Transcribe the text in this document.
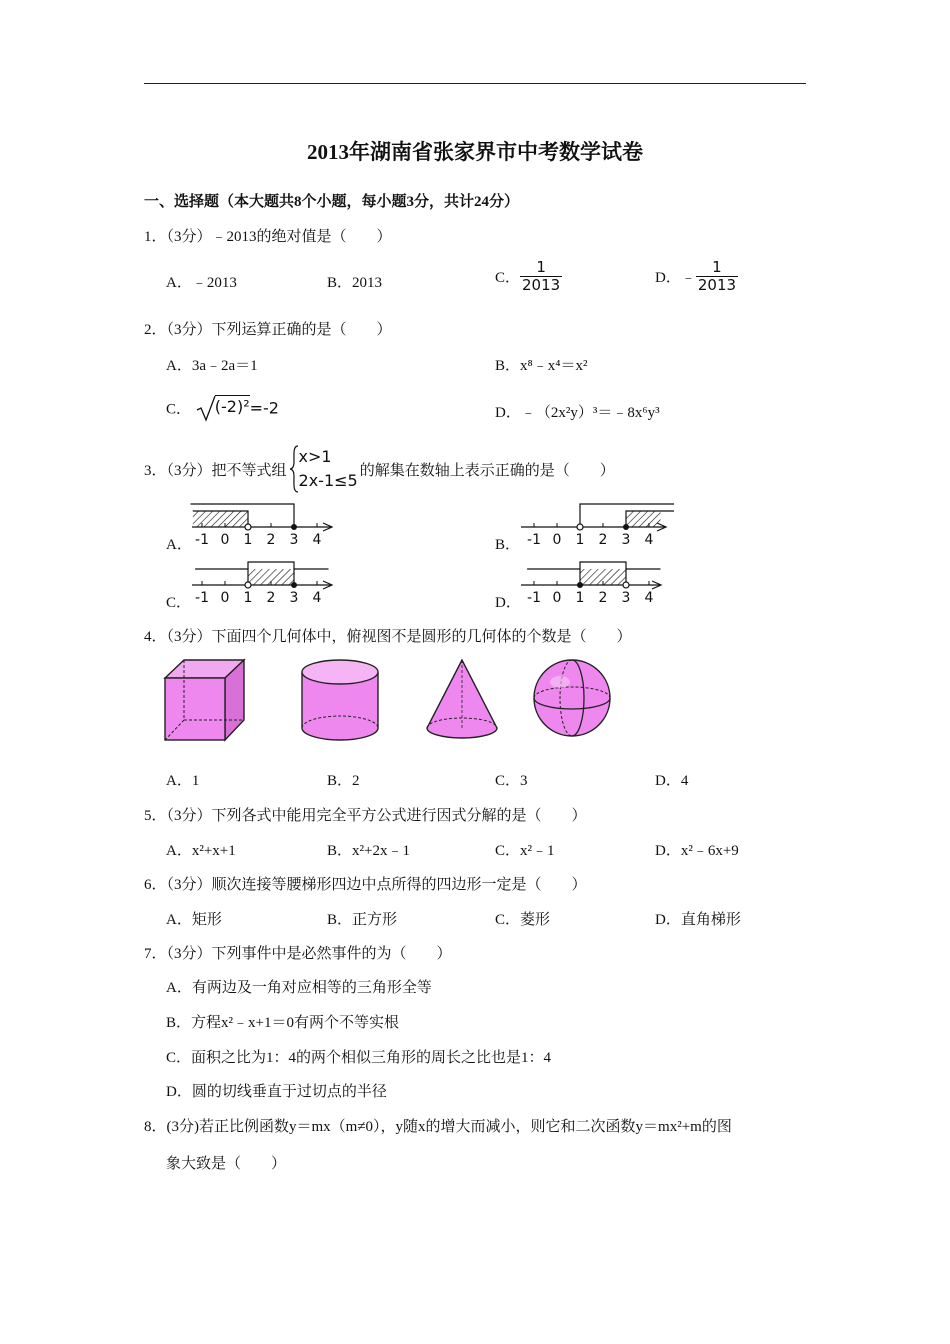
2013年湖南省张家界市中考数学试卷
一、选择题（本大题共8个小题，每小题3分，共计24分）
1．（3分）﹣2013的绝对值是（　　）
A．﹣2013	B．2013	C． $\frac{1}{2013}$	D．﹣ $\frac{1}{2013}$
2．（3分）下列运算正确的是（　　）
A．3a﹣2a＝1	B．x⁸﹣x⁴＝x²
C． (-2)²=-2	D．﹣（2x²y）³＝﹣8x⁶y³
3．（3分）把不等式组
x>1
2x-1≤5
的解集在数轴上表示正确的是（　　）
A． -1 0 1 2 3 4	B． -1 0 1 2 3 4
C． -1 0 1 2 3 4	D． -1 0 1 2 3 4
4．（3分）下面四个几何体中，俯视图不是圆形的几何体的个数是（　　）
A．1	B．2	C．3	D．4
5．（3分）下列各式中能用完全平方公式进行因式分解的是（　　）
A．x²+x+1	B．x²+2x﹣1	C．x²﹣1	D．x²﹣6x+9
6．（3分）顺次连接等腰梯形四边中点所得的四边形一定是（　　）
A．矩形	B．正方形	C．菱形	D．直角梯形
7．（3分）下列事件中是必然事件的为（　　）
A．有两边及一角对应相等的三角形全等
B．方程x²﹣x+1＝0有两个不等实根
C．面积之比为1：4的两个相似三角形的周长之比也是1：4
D．圆的切线垂直于过切点的半径
8．(3分)若正比例函数y＝mx（m≠0），y随x的增大而减小，则它和二次函数y＝mx²+m的图
象大致是（　　）
